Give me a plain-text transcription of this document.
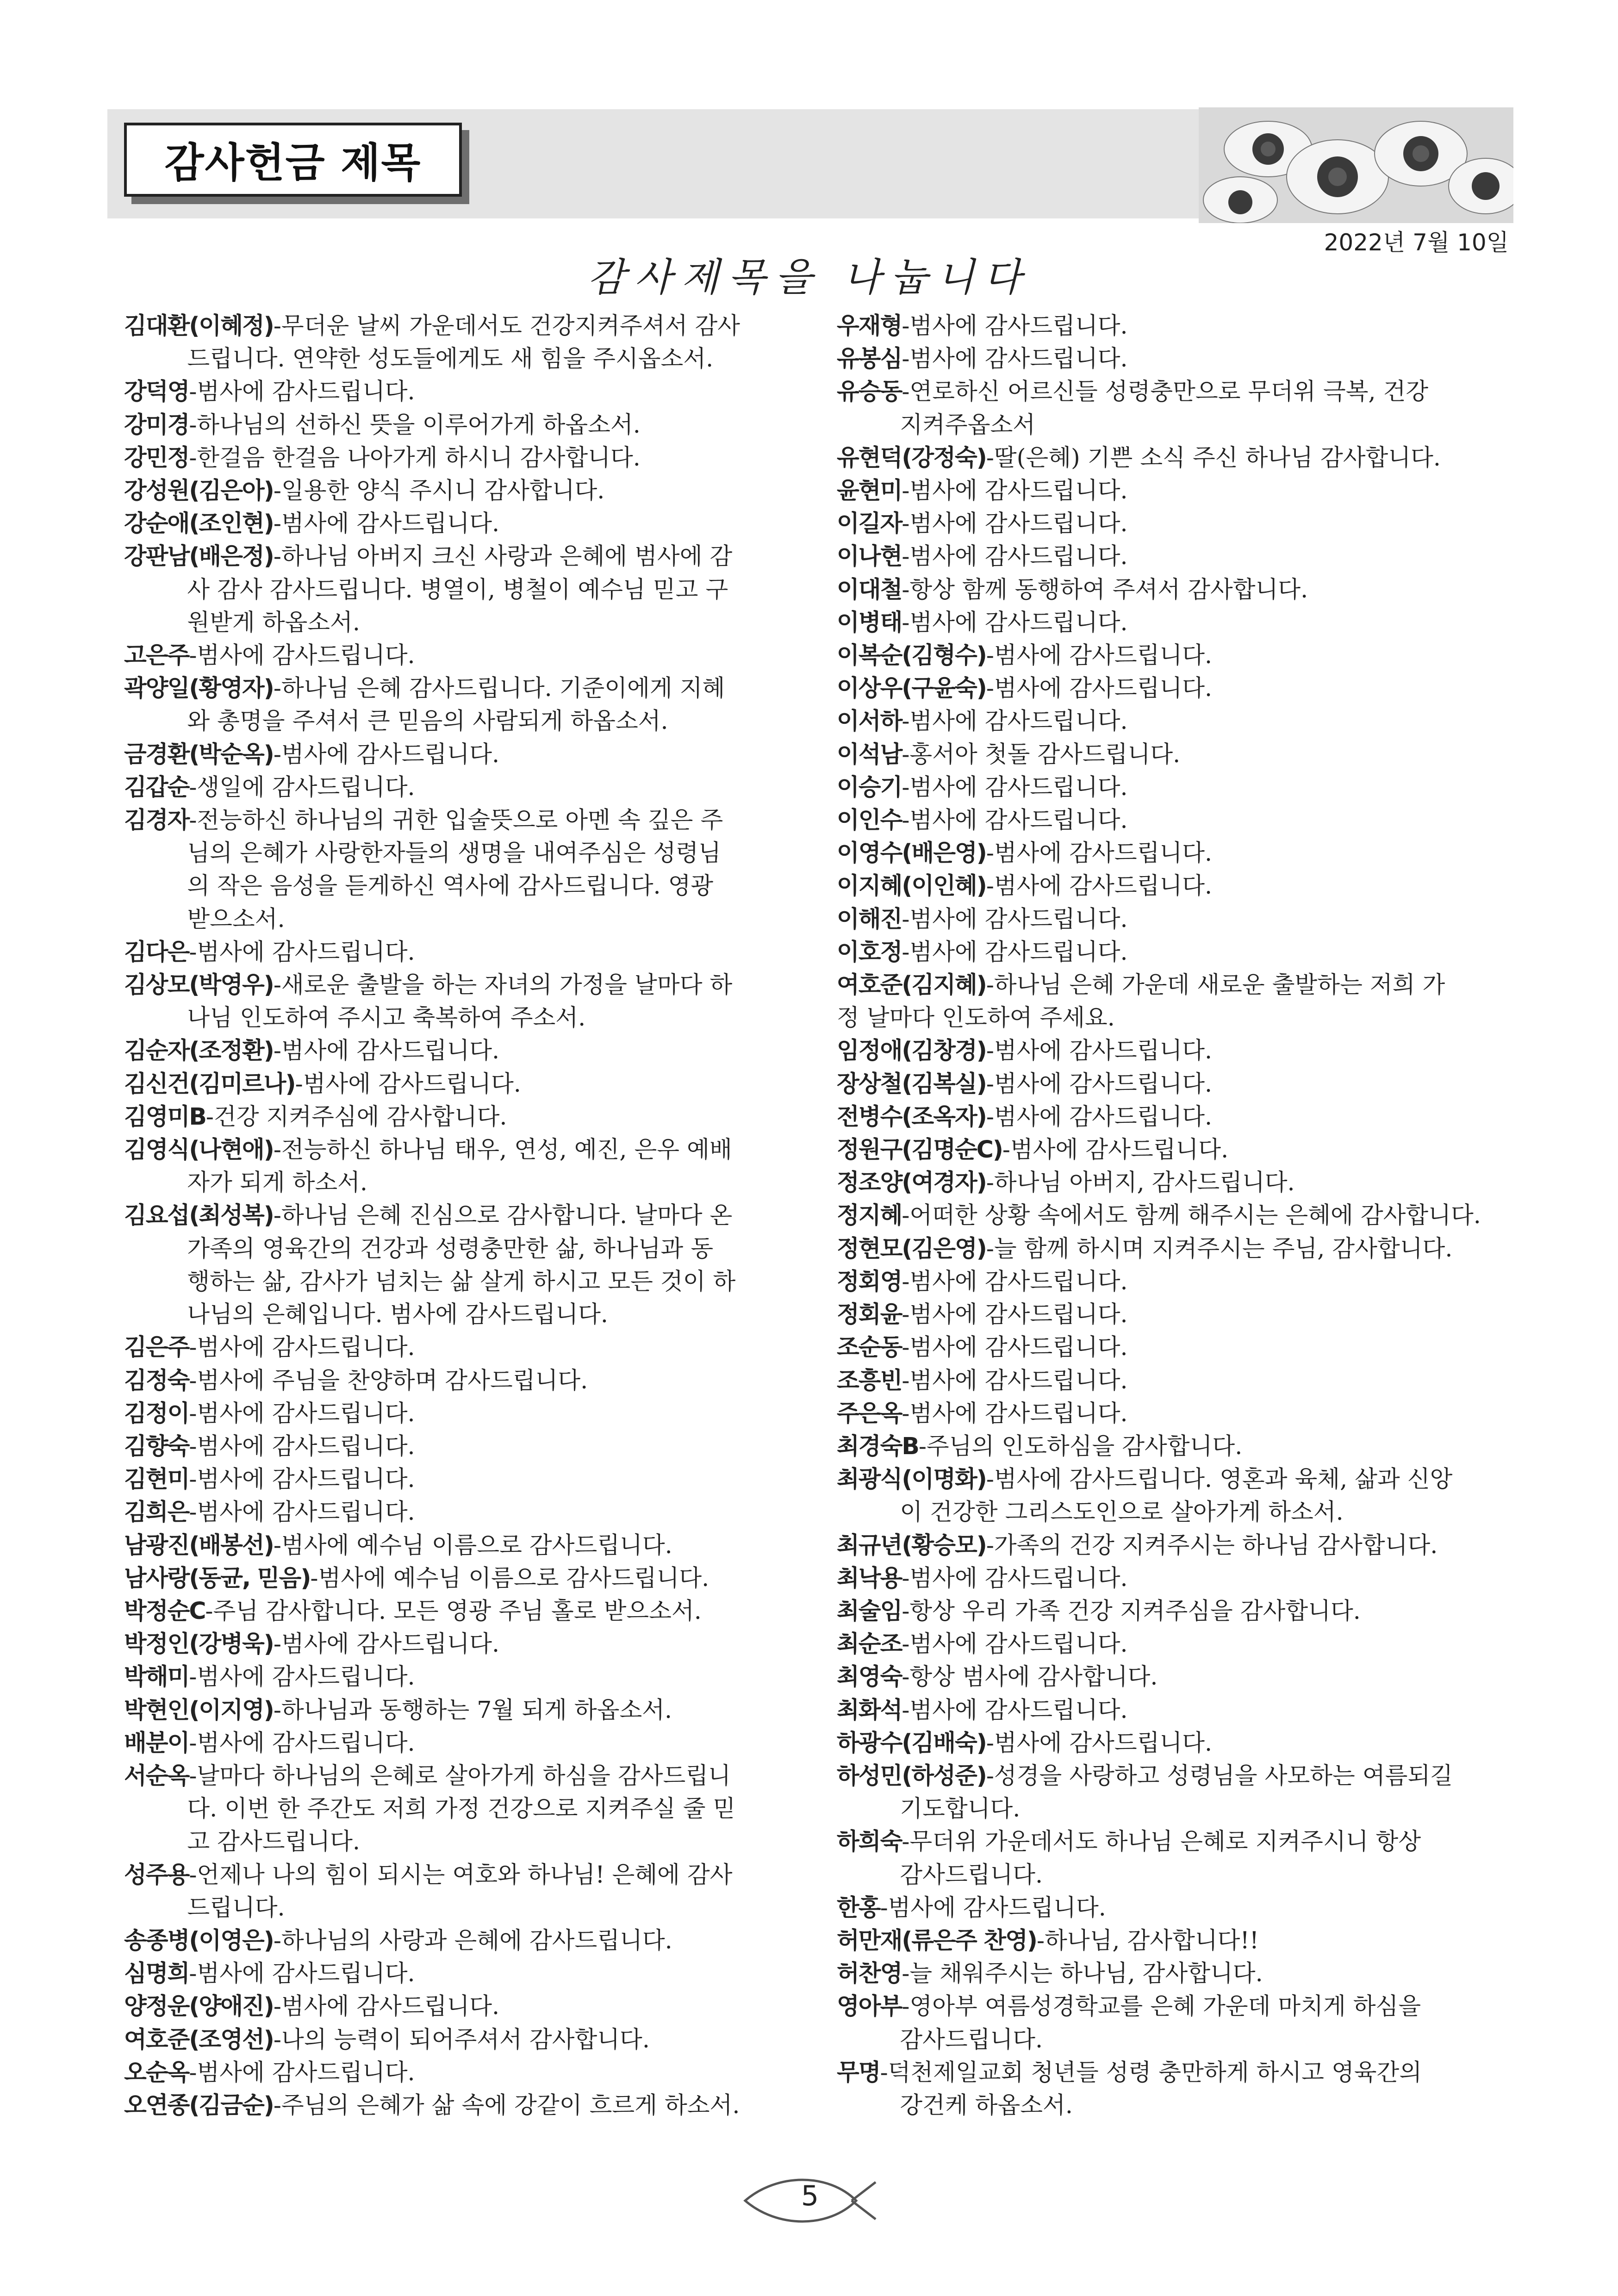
감사헌금 제목
2022년 7월 10일
감사제목을 나눕니다
김대환(이혜정)-무더운 날씨 가운데서도 건강지켜주셔서 감사
드립니다. 연약한 성도들에게도 새 힘을 주시옵소서.
강덕영-범사에 감사드립니다.
강미경-하나님의 선하신 뜻을 이루어가게 하옵소서.
강민정-한걸음 한걸음 나아가게 하시니 감사합니다.
강성원(김은아)-일용한 양식 주시니 감사합니다.
강순애(조인현)-범사에 감사드립니다.
강판남(배은정)-하나님 아버지 크신 사랑과 은혜에 범사에 감
사 감사 감사드립니다. 병열이, 병철이 예수님 믿고 구
원받게 하옵소서.
고은주-범사에 감사드립니다.
곽양일(황영자)-하나님 은혜 감사드립니다. 기준이에게 지혜
와 총명을 주셔서 큰 믿음의 사람되게 하옵소서.
금경환(박순옥)-범사에 감사드립니다.
김갑순-생일에 감사드립니다.
김경자-전능하신 하나님의 귀한 입술뜻으로 아멘 속 깊은 주
님의 은혜가 사랑한자들의 생명을 내여주심은 성령님
의 작은 음성을 듣게하신 역사에 감사드립니다. 영광
받으소서.
김다은-범사에 감사드립니다.
김상모(박영우)-새로운 출발을 하는 자녀의 가정을 날마다 하
나님 인도하여 주시고 축복하여 주소서.
김순자(조정환)-범사에 감사드립니다.
김신건(김미르나)-범사에 감사드립니다.
김영미B-건강 지켜주심에 감사합니다.
김영식(나현애)-전능하신 하나님 태우, 연성, 예진, 은우 예배
자가 되게 하소서.
김요섭(최성복)-하나님 은혜 진심으로 감사합니다. 날마다 온
가족의 영육간의 건강과 성령충만한 삶, 하나님과 동
행하는 삶, 감사가 넘치는 삶 살게 하시고 모든 것이 하
나님의 은혜입니다. 범사에 감사드립니다.
김은주-범사에 감사드립니다.
김정숙-범사에 주님을 찬양하며 감사드립니다.
김정이-범사에 감사드립니다.
김향숙-범사에 감사드립니다.
김현미-범사에 감사드립니다.
김희은-범사에 감사드립니다.
남광진(배봉선)-범사에 예수님 이름으로 감사드립니다.
남사랑(동균, 믿음)-범사에 예수님 이름으로 감사드립니다.
박정순C-주님 감사합니다. 모든 영광 주님 홀로 받으소서.
박정인(강병욱)-범사에 감사드립니다.
박해미-범사에 감사드립니다.
박현인(이지영)-하나님과 동행하는 7월 되게 하옵소서.
배분이-범사에 감사드립니다.
서순옥-날마다 하나님의 은혜로 살아가게 하심을 감사드립니
다. 이번 한 주간도 저희 가정 건강으로 지켜주실 줄 믿
고 감사드립니다.
성주용-언제나 나의 힘이 되시는 여호와 하나님! 은혜에 감사
드립니다.
송종병(이영은)-하나님의 사랑과 은혜에 감사드립니다.
심명희-범사에 감사드립니다.
양정운(양애진)-범사에 감사드립니다.
여호준(조영선)-나의 능력이 되어주셔서 감사합니다.
오순옥-범사에 감사드립니다.
오연종(김금순)-주님의 은혜가 삶 속에 강같이 흐르게 하소서.
우재형-범사에 감사드립니다.
유봉심-범사에 감사드립니다.
유승동-연로하신 어르신들 성령충만으로 무더위 극복, 건강
지켜주옵소서
유현덕(강정숙)-딸(은혜) 기쁜 소식 주신 하나님 감사합니다.
윤현미-범사에 감사드립니다.
이길자-범사에 감사드립니다.
이나현-범사에 감사드립니다.
이대철-항상 함께 동행하여 주셔서 감사합니다.
이병태-범사에 감사드립니다.
이복순(김형수)-범사에 감사드립니다.
이상우(구윤숙)-범사에 감사드립니다.
이서하-범사에 감사드립니다.
이석남-홍서아 첫돌 감사드립니다.
이승기-범사에 감사드립니다.
이인수-범사에 감사드립니다.
이영수(배은영)-범사에 감사드립니다.
이지혜(이인혜)-범사에 감사드립니다.
이해진-범사에 감사드립니다.
이호정-범사에 감사드립니다.
여호준(김지혜)-하나님 은혜 가운데 새로운 출발하는 저희 가
정 날마다 인도하여 주세요.
임정애(김창경)-범사에 감사드립니다.
장상철(김복실)-범사에 감사드립니다.
전병수(조옥자)-범사에 감사드립니다.
정원구(김명순C)-범사에 감사드립니다.
정조양(여경자)-하나님 아버지, 감사드립니다.
정지혜-어떠한 상황 속에서도 함께 해주시는 은혜에 감사합니다.
정현모(김은영)-늘 함께 하시며 지켜주시는 주님, 감사합니다.
정회영-범사에 감사드립니다.
정회윤-범사에 감사드립니다.
조순동-범사에 감사드립니다.
조흥빈-범사에 감사드립니다.
주은옥-범사에 감사드립니다.
최경숙B-주님의 인도하심을 감사합니다.
최광식(이명화)-범사에 감사드립니다. 영혼과 육체, 삶과 신앙
이 건강한 그리스도인으로 살아가게 하소서.
최규년(황승모)-가족의 건강 지켜주시는 하나님 감사합니다.
최낙용-범사에 감사드립니다.
최술임-항상 우리 가족 건강 지켜주심을 감사합니다.
최순조-범사에 감사드립니다.
최영숙-항상 범사에 감사합니다.
최화석-범사에 감사드립니다.
하광수(김배숙)-범사에 감사드립니다.
하성민(하성준)-성경을 사랑하고 성령님을 사모하는 여름되길
기도합니다.
하희숙-무더위 가운데서도 하나님 은혜로 지켜주시니 항상
감사드립니다.
한홍-범사에 감사드립니다.
허만재(류은주 찬영)-하나님, 감사합니다!!
허찬영-늘 채워주시는 하나님, 감사합니다.
영아부-영아부 여름성경학교를 은혜 가운데 마치게 하심을
감사드립니다.
무명-덕천제일교회 청년들 성령 충만하게 하시고 영육간의
강건케 하옵소서.
5
